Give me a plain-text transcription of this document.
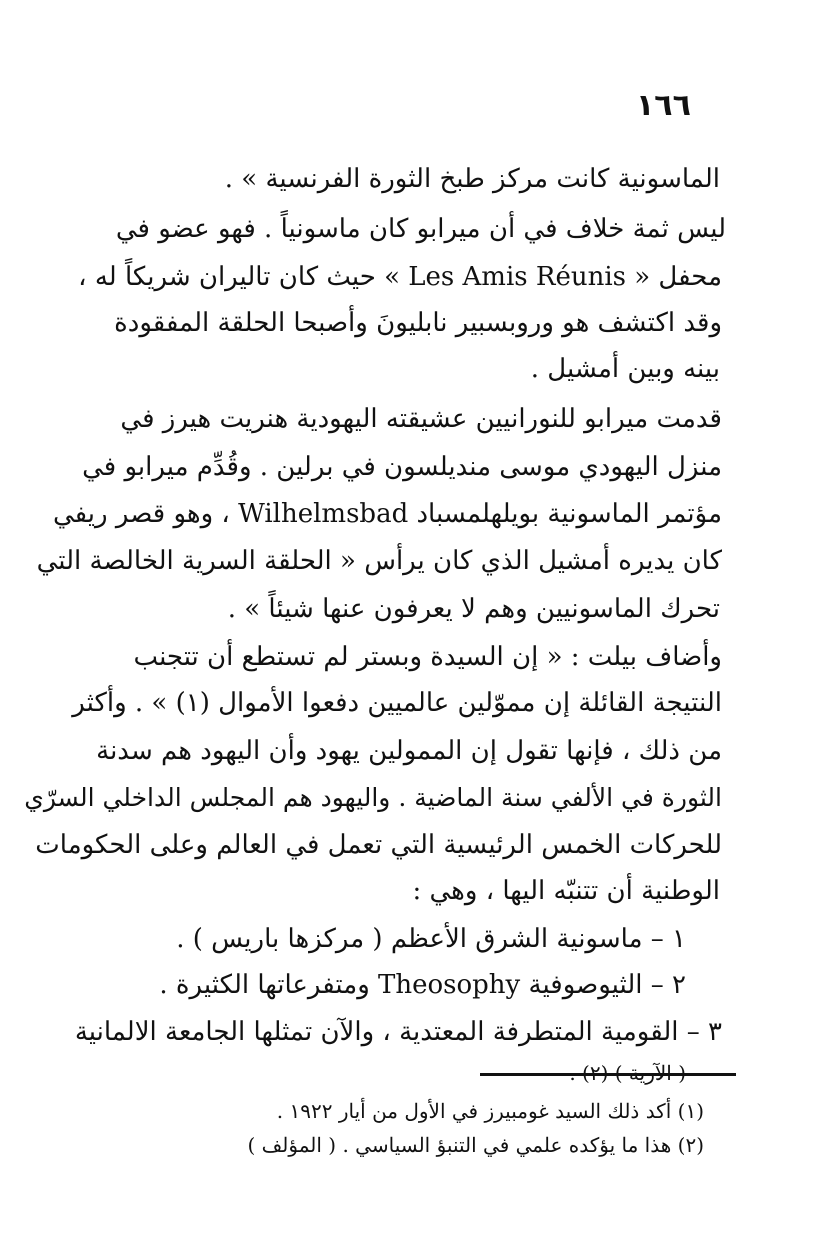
١٦٦
الماسونية كانت مركز طبخ الثورة الفرنسية » .
ليس ثمة خلاف في أن ميرابو كان ماسونياً . فهو عضو في
محفل « Les Amis Réunis » حيث كان تاليران شريكاً له ،
وقد اكتشف هو وروبسبير نابليونَ وأصبحا الحلقة المفقودة
بينه وبين أمشيل .
قدمت ميرابو للنورانيين عشيقته اليهودية هنريت هيرز في
منزل اليهودي موسى منديلسون في برلين . وقُدِّم ميرابو في
مؤتمر الماسونية بويلهلمسباد Wilhelmsbad ، وهو قصر ريفي
كان يديره أمشيل الذي كان يرأس « الحلقة السرية الخالصة التي
تحرك الماسونيين وهم لا يعرفون عنها شيئاً » .
وأضاف بيلت : « إن السيدة وبستر لم تستطع أن تتجنب
النتيجة القائلة إن مموّلين عالميين دفعوا الأموال (١) » . وأكثر
من ذلك ، فإنها تقول إن الممولين يهود وأن اليهود هم سدنة
الثورة في الألفي سنة الماضية . واليهود هم المجلس الداخلي السرّي
للحركات الخمس الرئيسية التي تعمل في العالم وعلى الحكومات
الوطنية أن تتنبّه اليها ، وهي :
١ – ماسونية الشرق الأعظم ( مركزها باريس ) .
٢ – الثيوصوفية Theosophy ومتفرعاتها الكثيرة .
٣ – القومية المتطرفة المعتدية ، والآن تمثلها الجامعة الالمانية
( الآرية ) (٢) .
(١) أكد ذلك السيد غومبيرز في الأول من أيار ١٩٢٢ .
(٢) هذا ما يؤكده علمي في التنبؤ السياسي . ( المؤلف )
